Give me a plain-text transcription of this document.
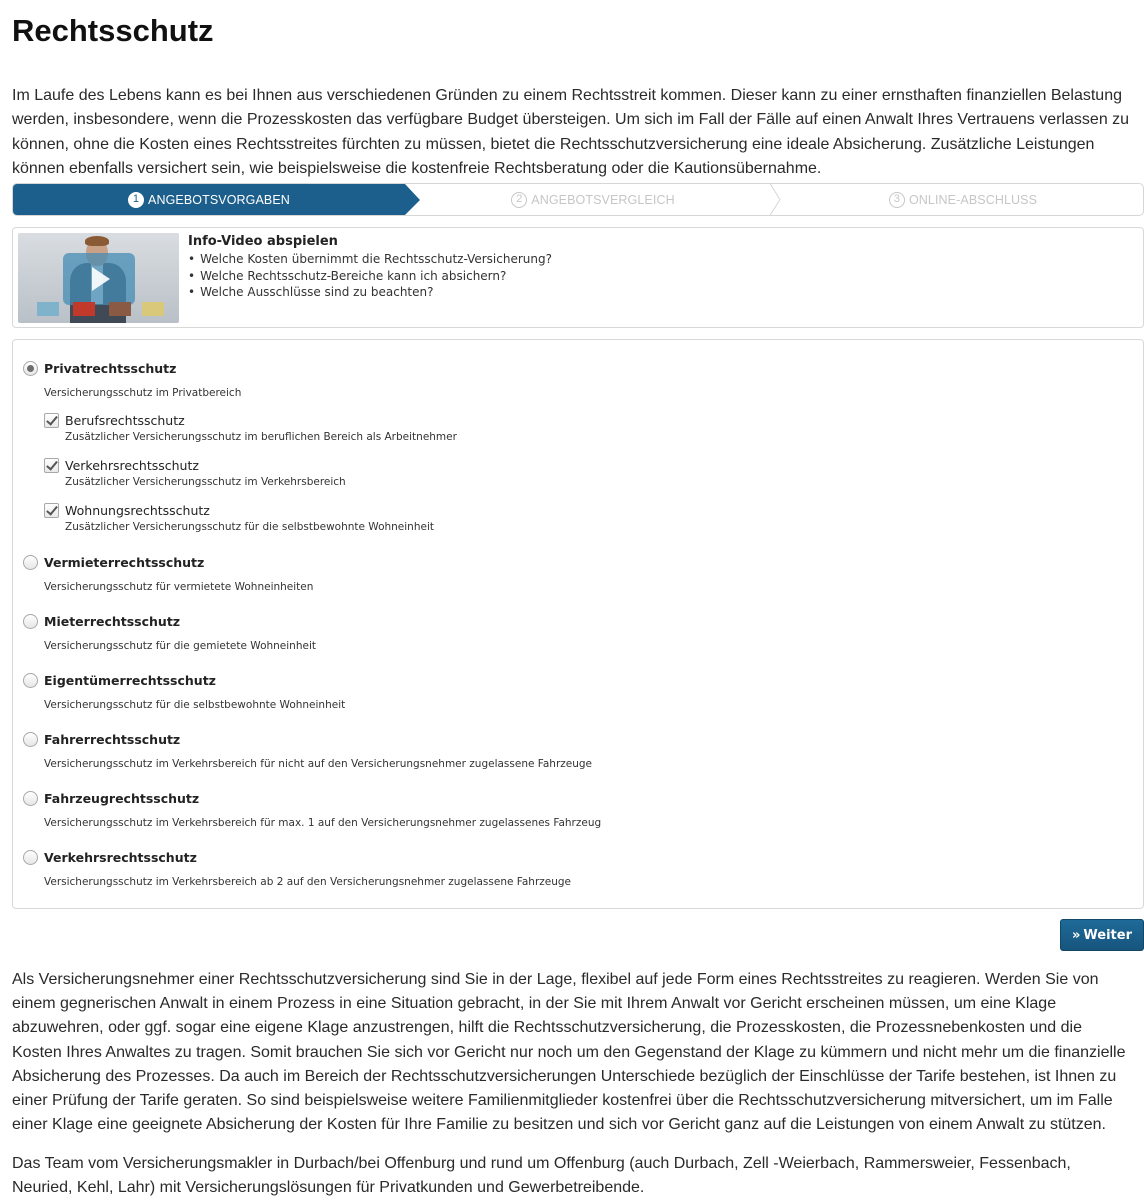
Rechtsschutz

Im Laufe des Lebens kann es bei Ihnen aus verschiedenen Gründen zu einem Rechtsstreit kommen. Dieser kann zu einer ernsthaften finanziellen Belastung werden, insbesondere, wenn die Prozesskosten das verfügbare Budget übersteigen. Um sich im Fall der Fälle auf einen Anwalt Ihres Vertrauens verlassen zu können, ohne die Kosten eines Rechtsstreites fürchten zu müssen, bietet die Rechtsschutzversicherung eine ideale Absicherung. Zusätzliche Leistungen können ebenfalls versichert sein, wie beispielsweise die kostenfreie Rechtsberatung oder die Kautionsübernahme.

1 ANGEBOTSVORGABEN	2 ANGEBOTSVERGLEICH	3 ONLINE-ABSCHLUSS
Info-Video abspielen
• Welche Kosten übernimmt die Rechtsschutz-Versicherung?
• Welche Rechtsschutz-Bereiche kann ich absichern?
• Welche Ausschlüsse sind zu beachten?
Privatrechtsschutz
Versicherungsschutz im Privatbereich
Berufsrechtsschutz
Zusätzlicher Versicherungsschutz im beruflichen Bereich als Arbeitnehmer
Verkehrsrechtsschutz
Zusätzlicher Versicherungsschutz im Verkehrsbereich
Wohnungsrechtsschutz
Zusätzlicher Versicherungsschutz für die selbstbewohnte Wohneinheit
Vermieterrechtsschutz
Versicherungsschutz für vermietete Wohneinheiten
Mieterrechtsschutz
Versicherungsschutz für die gemietete Wohneinheit
Eigentümerrechtsschutz
Versicherungsschutz für die selbstbewohnte Wohneinheit
Fahrerrechtsschutz
Versicherungsschutz im Verkehrsbereich für nicht auf den Versicherungsnehmer zugelassene Fahrzeuge
Fahrzeugrechtsschutz
Versicherungsschutz im Verkehrsbereich für max. 1 auf den Versicherungsnehmer zugelassenes Fahrzeug
Verkehrsrechtsschutz
Versicherungsschutz im Verkehrsbereich ab 2 auf den Versicherungsnehmer zugelassene Fahrzeuge
» Weiter

Als Versicherungsnehmer einer Rechtsschutzversicherung sind Sie in der Lage, flexibel auf jede Form eines Rechtsstreites zu reagieren. Werden Sie von einem gegnerischen Anwalt in einem Prozess in eine Situation gebracht, in der Sie mit Ihrem Anwalt vor Gericht erscheinen müssen, um eine Klage abzuwehren, oder ggf. sogar eine eigene Klage anzustrengen, hilft die Rechtsschutzversicherung, die Prozesskosten, die Prozessnebenkosten und die Kosten Ihres Anwaltes zu tragen. Somit brauchen Sie sich vor Gericht nur noch um den Gegenstand der Klage zu kümmern und nicht mehr um die finanzielle Absicherung des Prozesses. Da auch im Bereich der Rechtsschutzversicherungen Unterschiede bezüglich der Einschlüsse der Tarife bestehen, ist Ihnen zu einer Prüfung der Tarife geraten. So sind beispielsweise weitere Familienmitglieder kostenfrei über die Rechtsschutzversicherung mitversichert, um im Falle einer Klage eine geeignete Absicherung der Kosten für Ihre Familie zu besitzen und sich vor Gericht ganz auf die Leistungen von einem Anwalt zu stützen.

Das Team vom Versicherungsmakler in Durbach/bei Offenburg und rund um Offenburg (auch Durbach, Zell -Weierbach, Rammersweier, Fessenbach, Neuried, Kehl, Lahr) mit Versicherungslösungen für Privatkunden und Gewerbetreibende.
